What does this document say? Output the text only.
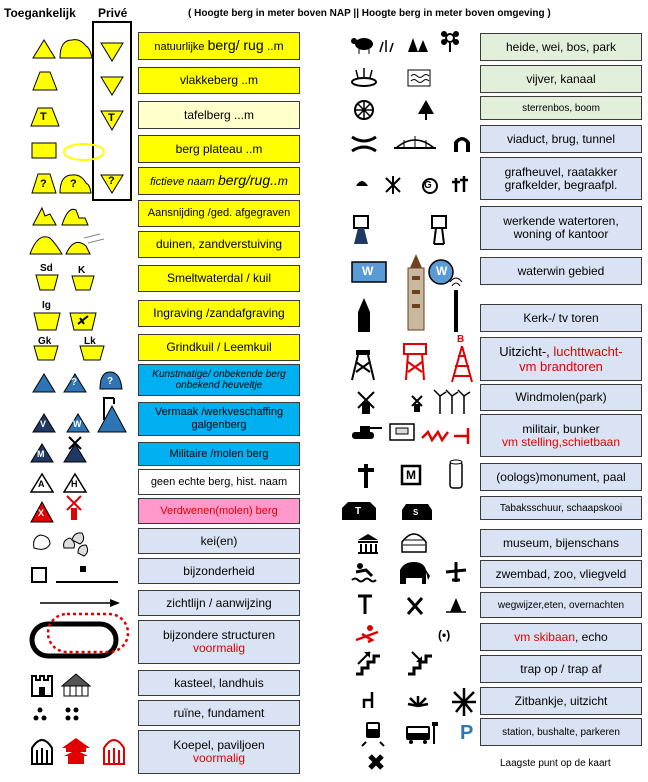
Toegankelijk Privé	( Hoogte berg in meter boven NAP || Hoogte berg in meter boven omgeving )
natuurlijke berg/ rug ..m
vlakkeberg ..m
tafelberg ...m
berg plateau ..m
fictieve naam berg/rug..m
Aansnijding /ged. afgegraven
duinen, zandverstuiving
Smeltwaterdal / kuil
Ingraving /zandafgraving
Grindkuil / Leemkuil
Kunstmatige/ onbekende berg
onbekend heuveltje
Vermaak /werkveschaffing
galgenberg
Militaire /molen berg
geen echte berg, hist. naam
Verdwenen(molen) berg
kei(en)
bijzonderheid
zichtlijn / aanwijzing
bijzondere structuren
voormalig
kasteel, landhuis
ruïne, fundament
Koepel, paviljoen
voormalig
heide, wei, bos, park
vijver, kanaal
sterrenbos, boom
viaduct, brug, tunnel
grafheuvel, raatakker
grafkelder, begraafpl.
werkende watertoren,
woning of kantoor
waterwin gebied
Kerk-/ tv toren
Uitzicht-, luchttwacht-
vm brandtoren
Windmolen(park)
militair, bunker
vm stelling,schietbaan
(oologs)monument, paal
Tabaksschuur, schaapskooi
museum, bijenschans
zwembad, zoo, vliegveld
wegwijzer,eten, overnachten
vm skibaan, echo
trap op / trap af
Zitbankje, uitzicht
station, bushalte, parkeren
Laagste punt op de kaart
T	T
? ?	?
Sd	K
Ig
Gk	Lk
?	?
V	W
M
A	H
X
W	W
G
B
M
T	S
(•)
P
